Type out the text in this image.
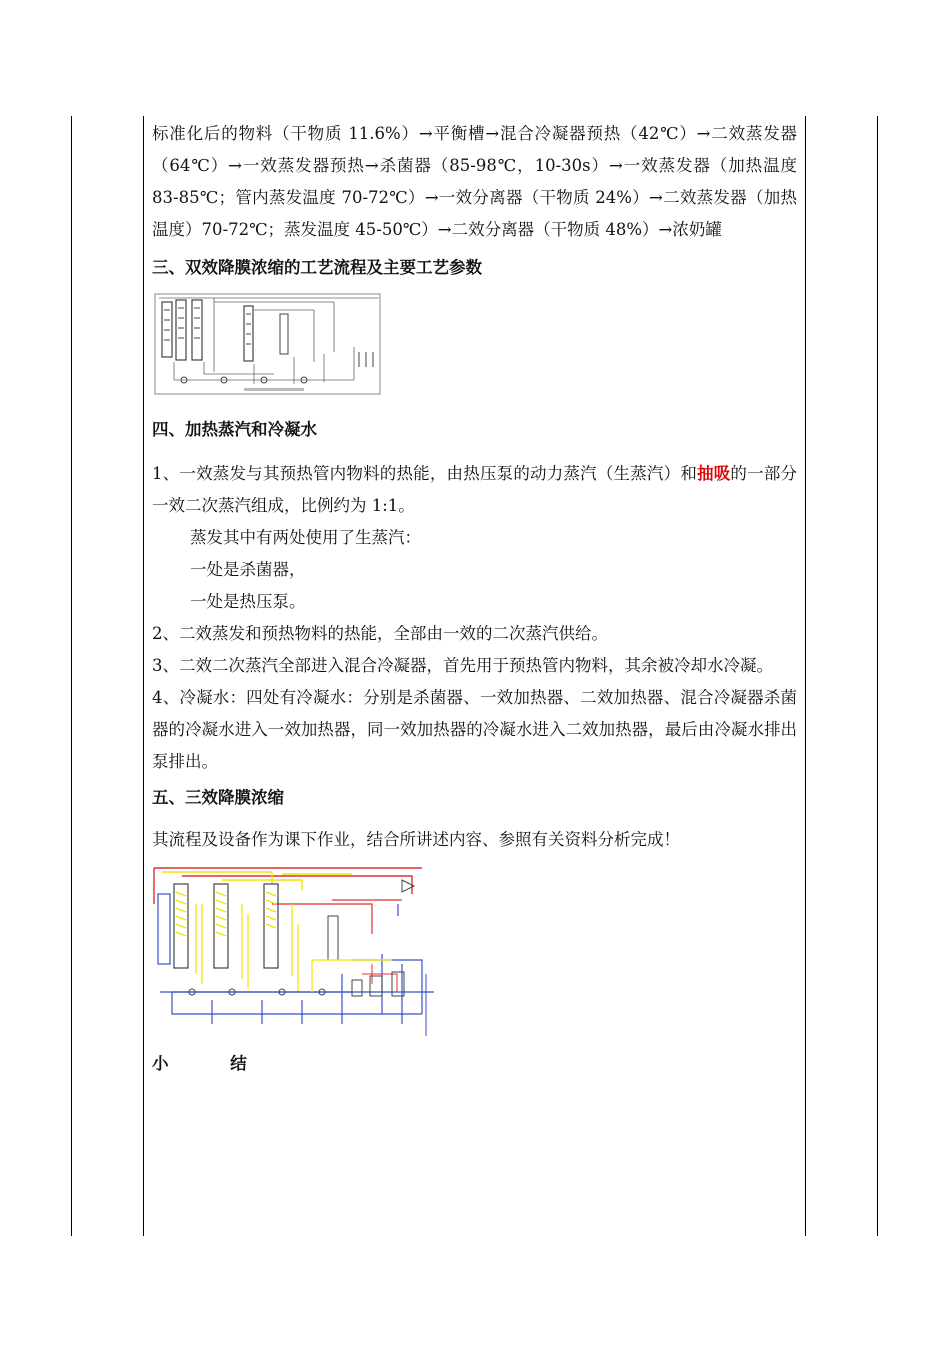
标准化后的物料（干物质 11.6%）→平衡槽→混合冷凝器预热（42℃）→二效蒸发器（64℃）→一效蒸发器预热→杀菌器（85-98℃，10-30s）→一效蒸发器（加热温度 83-85℃；管内蒸发温度 70-72℃）→一效分离器（干物质 24%）→二效蒸发器（加热温度）70-72℃；蒸发温度 45-50℃）→二效分离器（干物质 48%）→浓奶罐

三、双效降膜浓缩的工艺流程及主要工艺参数
四、加热蒸汽和冷凝水

1、一效蒸发与其预热管内物料的热能，由热压泵的动力蒸汽（生蒸汽）和抽吸的一部分一效二次蒸汽组成，比例约为 1:1。

蒸发其中有两处使用了生蒸汽：

一处是杀菌器，

一处是热压泵。

2、二效蒸发和预热物料的热能，全部由一效的二次蒸汽供给。

3、二效二次蒸汽全部进入混合冷凝器，首先用于预热管内物料，其余被冷却水冷凝。

4、冷凝水：四处有冷凝水：分别是杀菌器、一效加热器、二效加热器、混合冷凝器杀菌器的冷凝水进入一效加热器，同一效加热器的冷凝水进入二效加热器，最后由冷凝水排出泵排出。

五、三效降膜浓缩

其流程及设备作为课下作业，结合所讲述内容、参照有关资料分析完成！

小	结
